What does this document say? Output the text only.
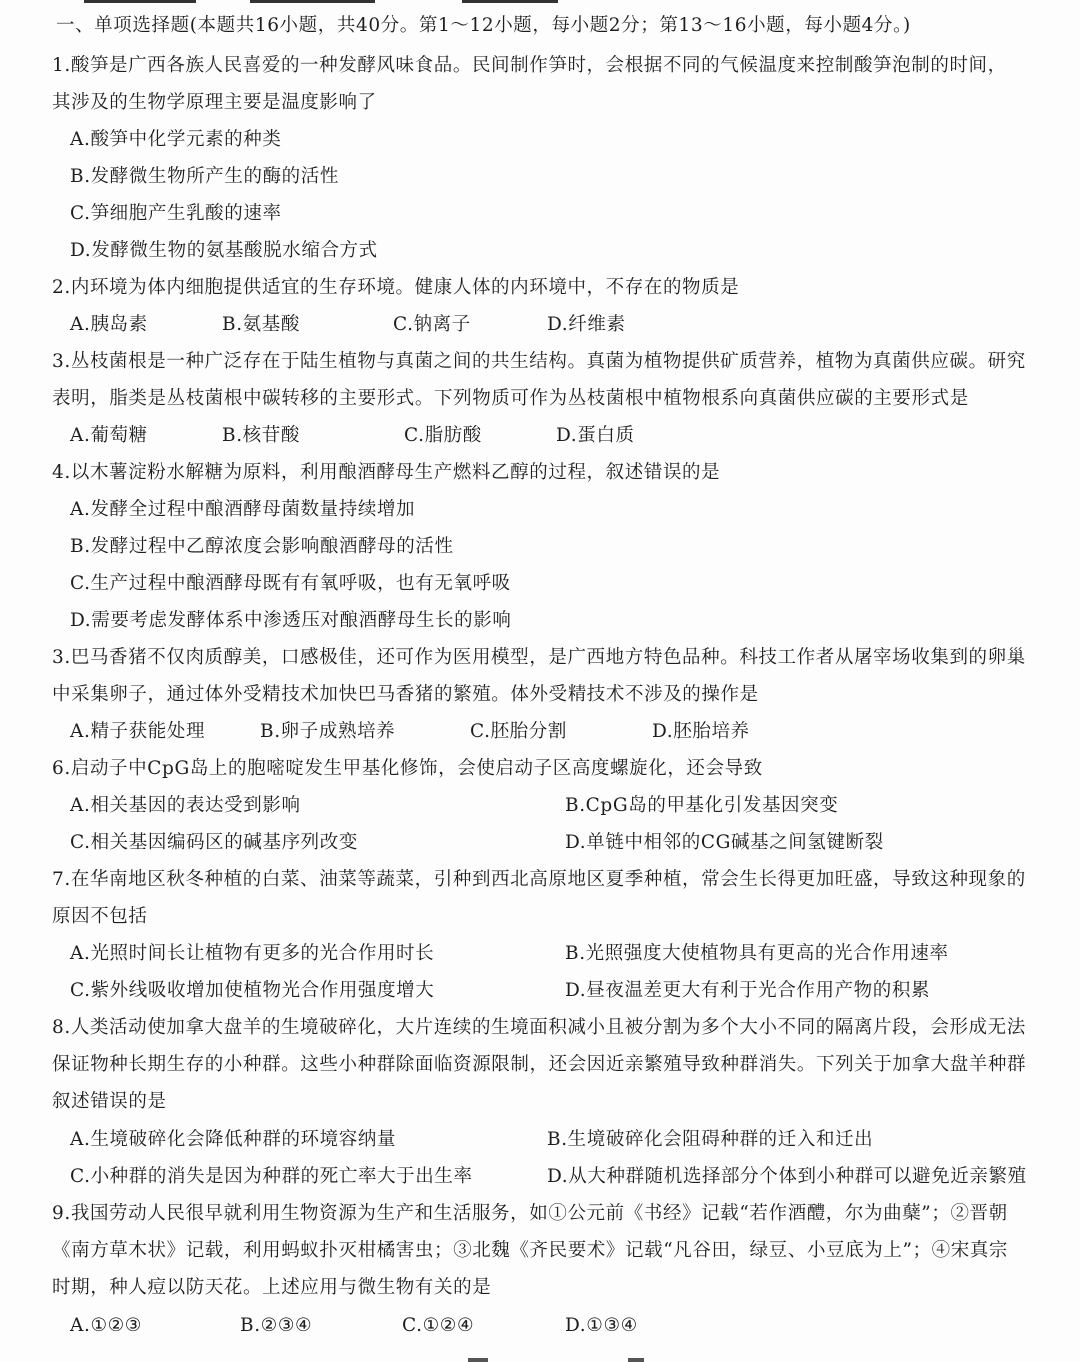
一、单项选择题(本题共16小题，共40分。第1～12小题，每小题2分；第13～16小题，每小题4分。)
1.酸笋是广西各族人民喜爱的一种发酵风味食品。民间制作笋时，会根据不同的气候温度来控制酸笋泡制的时间，
其涉及的生物学原理主要是温度影响了
A.酸笋中化学元素的种类
B.发酵微生物所产生的酶的活性
C.笋细胞产生乳酸的速率
D.发酵微生物的氨基酸脱水缩合方式
2.内环境为体内细胞提供适宜的生存环境。健康人体的内环境中，不存在的物质是
A.胰岛素	B.氨基酸	C.钠离子	D.纤维素
3.丛枝菌根是一种广泛存在于陆生植物与真菌之间的共生结构。真菌为植物提供矿质营养，植物为真菌供应碳。研究
表明，脂类是丛枝菌根中碳转移的主要形式。下列物质可作为丛枝菌根中植物根系向真菌供应碳的主要形式是
A.葡萄糖	B.核苷酸	C.脂肪酸	D.蛋白质
4.以木薯淀粉水解糖为原料，利用酿酒酵母生产燃料乙醇的过程，叙述错误的是
A.发酵全过程中酿酒酵母菌数量持续增加
B.发酵过程中乙醇浓度会影响酿酒酵母的活性
C.生产过程中酿酒酵母既有有氧呼吸，也有无氧呼吸
D.需要考虑发酵体系中渗透压对酿酒酵母生长的影响
3.巴马香猪不仅肉质醇美，口感极佳，还可作为医用模型，是广西地方特色品种。科技工作者从屠宰场收集到的卵巢
中采集卵子，通过体外受精技术加快巴马香猪的繁殖。体外受精技术不涉及的操作是
A.精子获能处理	B.卵子成熟培养	C.胚胎分割	D.胚胎培养
6.启动子中CpG岛上的胞嘧啶发生甲基化修饰，会使启动子区高度螺旋化，还会导致
A.相关基因的表达受到影响	B.CpG岛的甲基化引发基因突变
C.相关基因编码区的碱基序列改变	D.单链中相邻的CG碱基之间氢键断裂
7.在华南地区秋冬种植的白菜、油菜等蔬菜，引种到西北高原地区夏季种植，常会生长得更加旺盛，导致这种现象的
原因不包括
A.光照时间长让植物有更多的光合作用时长	B.光照强度大使植物具有更高的光合作用速率
C.紫外线吸收增加使植物光合作用强度增大	D.昼夜温差更大有利于光合作用产物的积累
8.人类活动使加拿大盘羊的生境破碎化，大片连续的生境面积减小且被分割为多个大小不同的隔离片段，会形成无法
保证物种长期生存的小种群。这些小种群除面临资源限制，还会因近亲繁殖导致种群消失。下列关于加拿大盘羊种群
叙述错误的是
A.生境破碎化会降低种群的环境容纳量	B.生境破碎化会阻碍种群的迁入和迁出
C.小种群的消失是因为种群的死亡率大于出生率	D.从大种群随机选择部分个体到小种群可以避免近亲繁殖
9.我国劳动人民很早就利用生物资源为生产和生活服务，如①公元前《书经》记载“若作酒醴，尔为曲蘖”；②晋朝
《南方草木状》记载，利用蚂蚁扑灭柑橘害虫；③北魏《齐民要术》记载“凡谷田，绿豆、小豆底为上”；④宋真宗
时期，种人痘以防天花。上述应用与微生物有关的是
A.①②③	B.②③④	C.①②④	D.①③④
